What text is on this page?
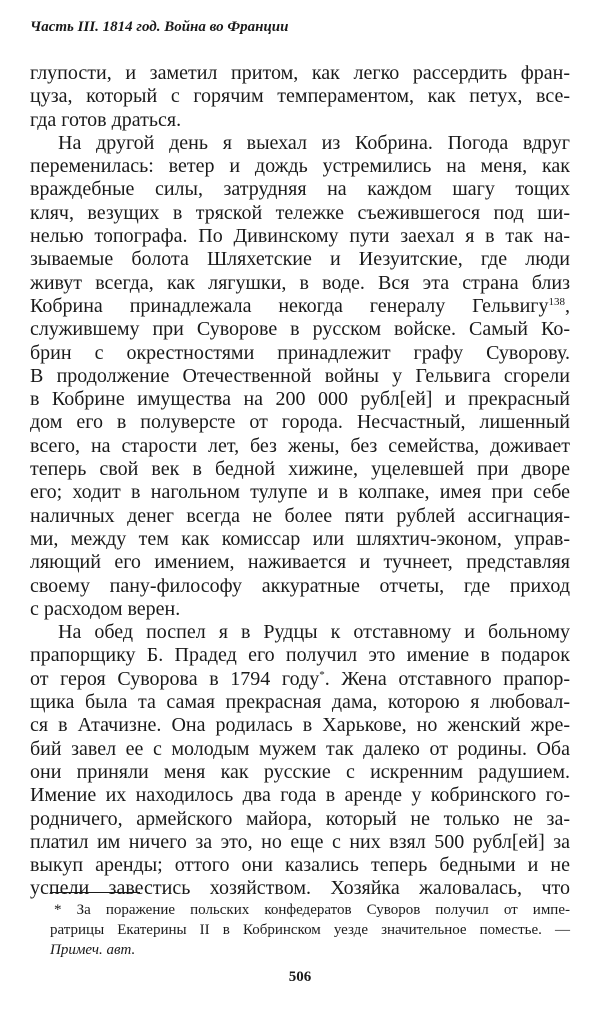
Часть III. 1814 год. Война во Франции
глупости, и заметил притом, как легко рассердить фран-
цуза, который с горячим темпераментом, как петух, все-
гда готов драться.
На другой день я выехал из Кобрина. Погода вдруг
переменилась: ветер и дождь устремились на меня, как
враждебные силы, затрудняя на каждом шагу тощих
кляч, везущих в тряской тележке съежившегося под ши-
нелью топографа. По Дивинскому пути заехал я в так на-
зываемые болота Шляхетские и Иезуитские, где люди
живут всегда, как лягушки, в воде. Вся эта страна близ
Кобрина принадлежала некогда генералу Гельвигу$^{138}$,
служившему при Суворове в русском войске. Самый Ко-
брин с окрестностями принадлежит графу Суворову.
В продолжение Отечественной войны у Гельвига сгорели
в Кобрине имущества на 200 000 рубл[ей] и прекрасный
дом его в полуверсте от города. Несчастный, лишенный
всего, на старости лет, без жены, без семейства, доживает
теперь свой век в бедной хижине, уцелевшей при дворе
его; ходит в нагольном тулупе и в колпаке, имея при себе
наличных денег всегда не более пяти рублей ассигнация-
ми, между тем как комиссар или шляхтич-эконом, управ-
ляющий его имением, наживается и тучнеет, представляя
своему пану-философу аккуратные отчеты, где приход
с расходом верен.
На обед поспел я в Рудцы к отставному и больному
прапорщику Б. Прадед его получил это имение в подарок
от героя Суворова в 1794 году*. Жена отставного прапор-
щика была та самая прекрасная дама, которою я любовал-
ся в Атачизне. Она родилась в Харькове, но женский жре-
бий завел ее с молодым мужем так далеко от родины. Оба
они приняли меня как русские с искренним радушием.
Имение их находилось два года в аренде у кобринского го-
родничего, армейского майора, который не только не за-
платил им ничего за это, но еще с них взял 500 рубл[ей] за
выкуп аренды; оттого они казались теперь бедными и не
успели завестись хозяйством. Хозяйка жаловалась, что
* За поражение польских конфедератов Суворов получил от импе-
ратрицы Екатерины II в Кобринском уезде значительное поместье. —
Примеч. авт.
506
